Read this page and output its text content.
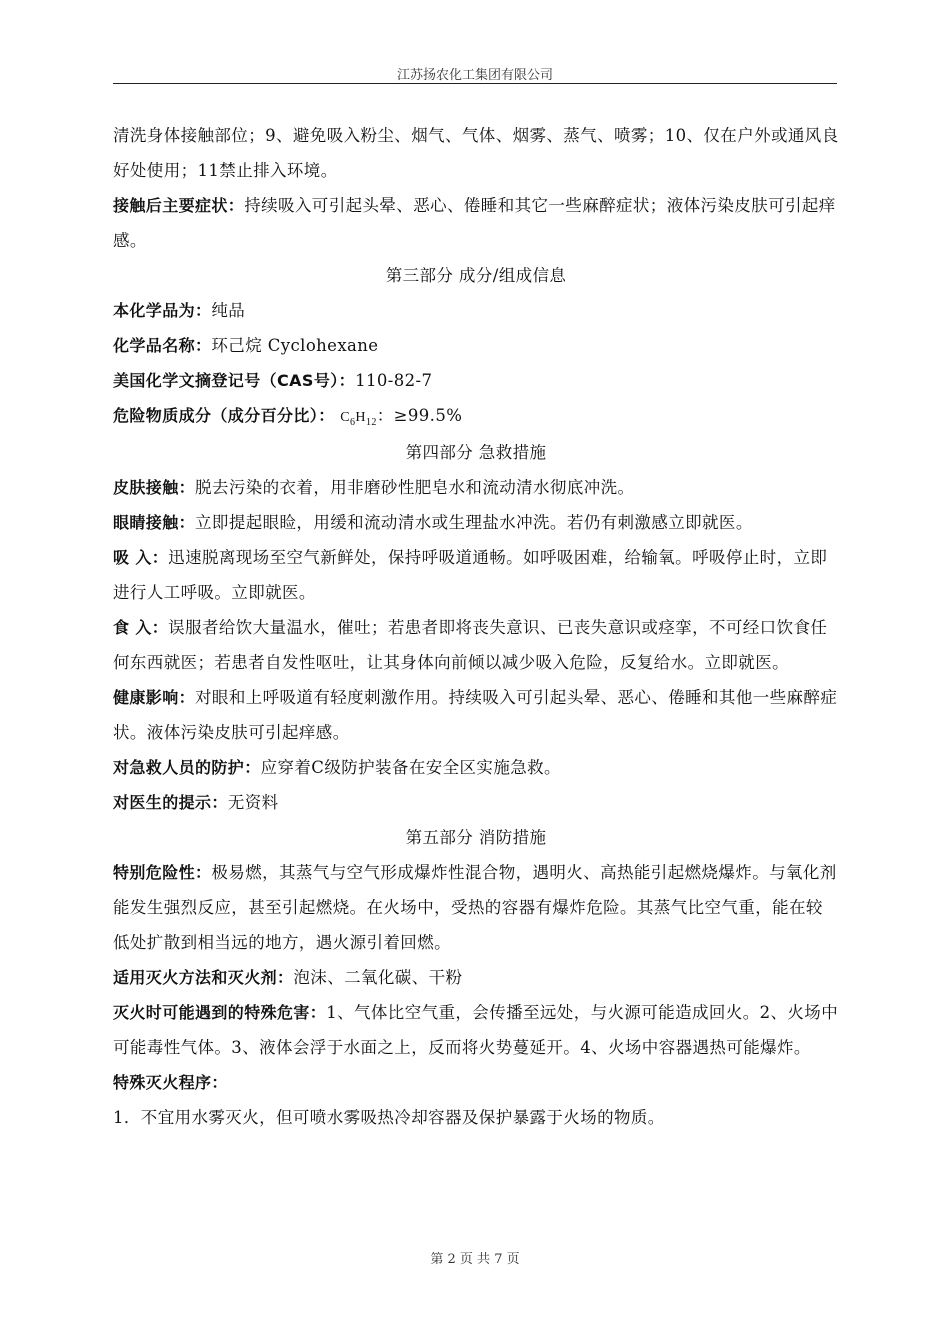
江苏扬农化工集团有限公司

清洗身体接触部位；9、避免吸入粉尘、烟气、气体、烟雾、蒸气、喷雾；10、仅在户外或通风良好处使用；11禁止排入环境。

接触后主要症状：持续吸入可引起头晕、恶心、倦睡和其它一些麻醉症状；液体污染皮肤可引起痒感。

第三部分 成分/组成信息

本化学品为：纯品

化学品名称：环己烷 Cyclohexane

美国化学文摘登记号（CAS号）：110-82-7

危险物质成分（成分百分比）： $C_6H_{12}$：≥99.5%

第四部分 急救措施

皮肤接触：脱去污染的衣着，用非磨砂性肥皂水和流动清水彻底冲洗。

眼睛接触：立即提起眼睑，用缓和流动清水或生理盐水冲洗。若仍有刺激感立即就医。

吸 入：迅速脱离现场至空气新鲜处，保持呼吸道通畅。如呼吸困难，给输氧。呼吸停止时，立即进行人工呼吸。立即就医。

食 入：误服者给饮大量温水，催吐；若患者即将丧失意识、已丧失意识或痉挛，不可经口饮食任何东西就医；若患者自发性呕吐，让其身体向前倾以减少吸入危险，反复给水。立即就医。

健康影响：对眼和上呼吸道有轻度刺激作用。持续吸入可引起头晕、恶心、倦睡和其他一些麻醉症状。液体污染皮肤可引起痒感。

对急救人员的防护：应穿着C级防护装备在安全区实施急救。

对医生的提示：无资料

第五部分 消防措施

特别危险性：极易燃，其蒸气与空气形成爆炸性混合物，遇明火、高热能引起燃烧爆炸。与氧化剂能发生强烈反应，甚至引起燃烧。在火场中，受热的容器有爆炸危险。其蒸气比空气重，能在较低处扩散到相当远的地方，遇火源引着回燃。

适用灭火方法和灭火剂：泡沫、二氧化碳、干粉

灭火时可能遇到的特殊危害：1、气体比空气重，会传播至远处，与火源可能造成回火。2、火场中可能毒性气体。3、液体会浮于水面之上，反而将火势蔓延开。4、火场中容器遇热可能爆炸。

特殊灭火程序：

1．不宜用水雾灭火，但可喷水雾吸热冷却容器及保护暴露于火场的物质。

第 2 页 共 7 页
